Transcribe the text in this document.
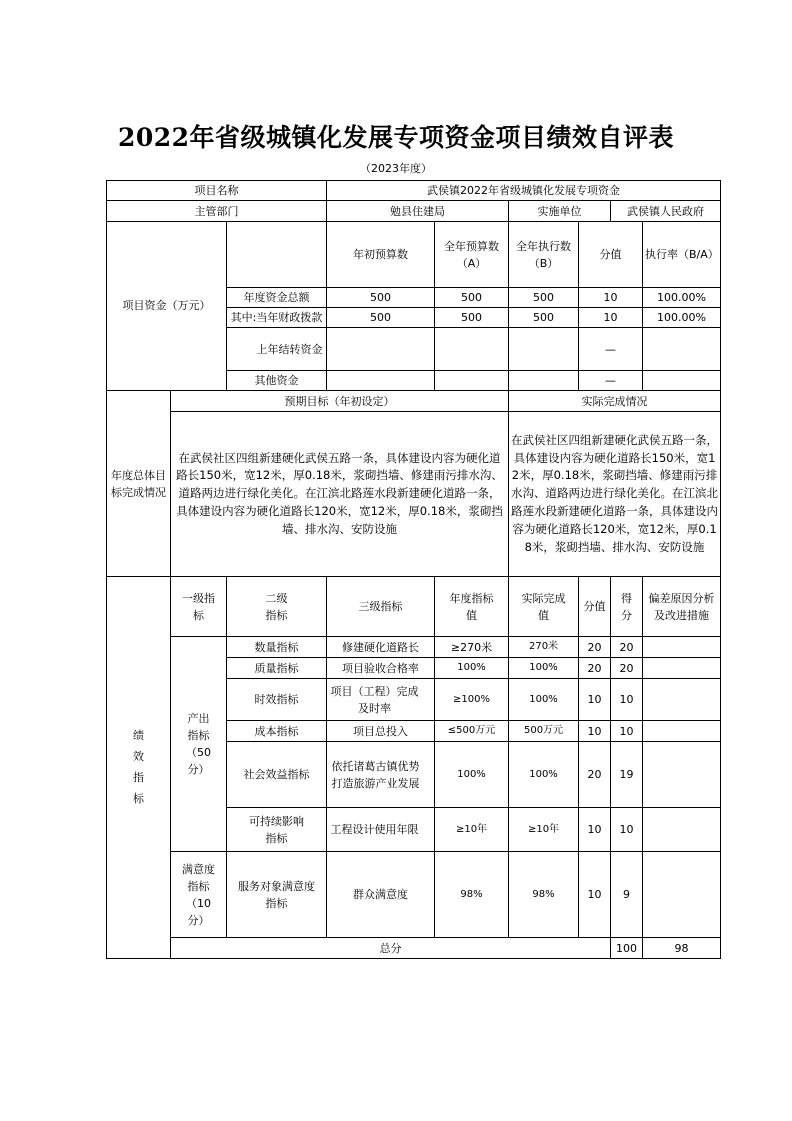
2022年省级城镇化发展专项资金项目绩效自评表
（2023年度）
项目名称			武侯镇2022年省级城镇化发展专项资金						
主管部门			勉县住建局		实施单位		武侯镇人民政府		
项目资金（万元）			年初预算数	全年预算数（A）	全年执行数（B）	分值		执行率（B/A）	
		年度资金总额	500	500	500	10		100.00%	
		其中:当年财政拨款	500	500	500	10		100.00%	
		上年结转资金				—			
		其他资金				—			
年度总体目标完成情况	预期目标（年初设定）				实际完成情况				
	在武侯社区四组新建硬化武侯五路一条，具体建设内容为硬化道路长150米，宽12米，厚0.18米，浆砌挡墙、修建雨污排水沟、道路两边进行绿化美化。在江滨北路莲水段新建硬化道路一条，具体建设内容为硬化道路长120米，宽12米，厚0.18米，浆砌挡墙、排水沟、安防设施				在武侯社区四组新建硬化武侯五路一条，具体建设内容为硬化道路长150米，宽12米，厚0.18米，浆砌挡墙、修建雨污排水沟、道路两边进行绿化美化。在江滨北路莲水段新建硬化道路一条，具体建设内容为硬化道路长120米，宽12米，厚0.18米，浆砌挡墙、排水沟、安防设施				
绩效指标	一级指标	二级指标	三级指标	年度指标值	实际完成值	分值	得分	偏差原因分析及改进措施	
	产出指标（50分）	数量指标	修建硬化道路长	≥270米	270米	20	20		
		质量指标	项目验收合格率	100%	100%	20	20		
		时效指标	项目（工程）完成及时率	≥100%	100%	10	10		
		成本指标	项目总投入	≤500万元	500万元	10	10		
		社会效益指标	依托诸葛古镇优势打造旅游产业发展	100%	100%	20	19		
		可持续影响指标	工程设计使用年限	≥10年	≥10年	10	10		
	满意度指标（10分）	服务对象满意度指标	群众满意度	98%	98%	10	9		
	总分						100	98	
